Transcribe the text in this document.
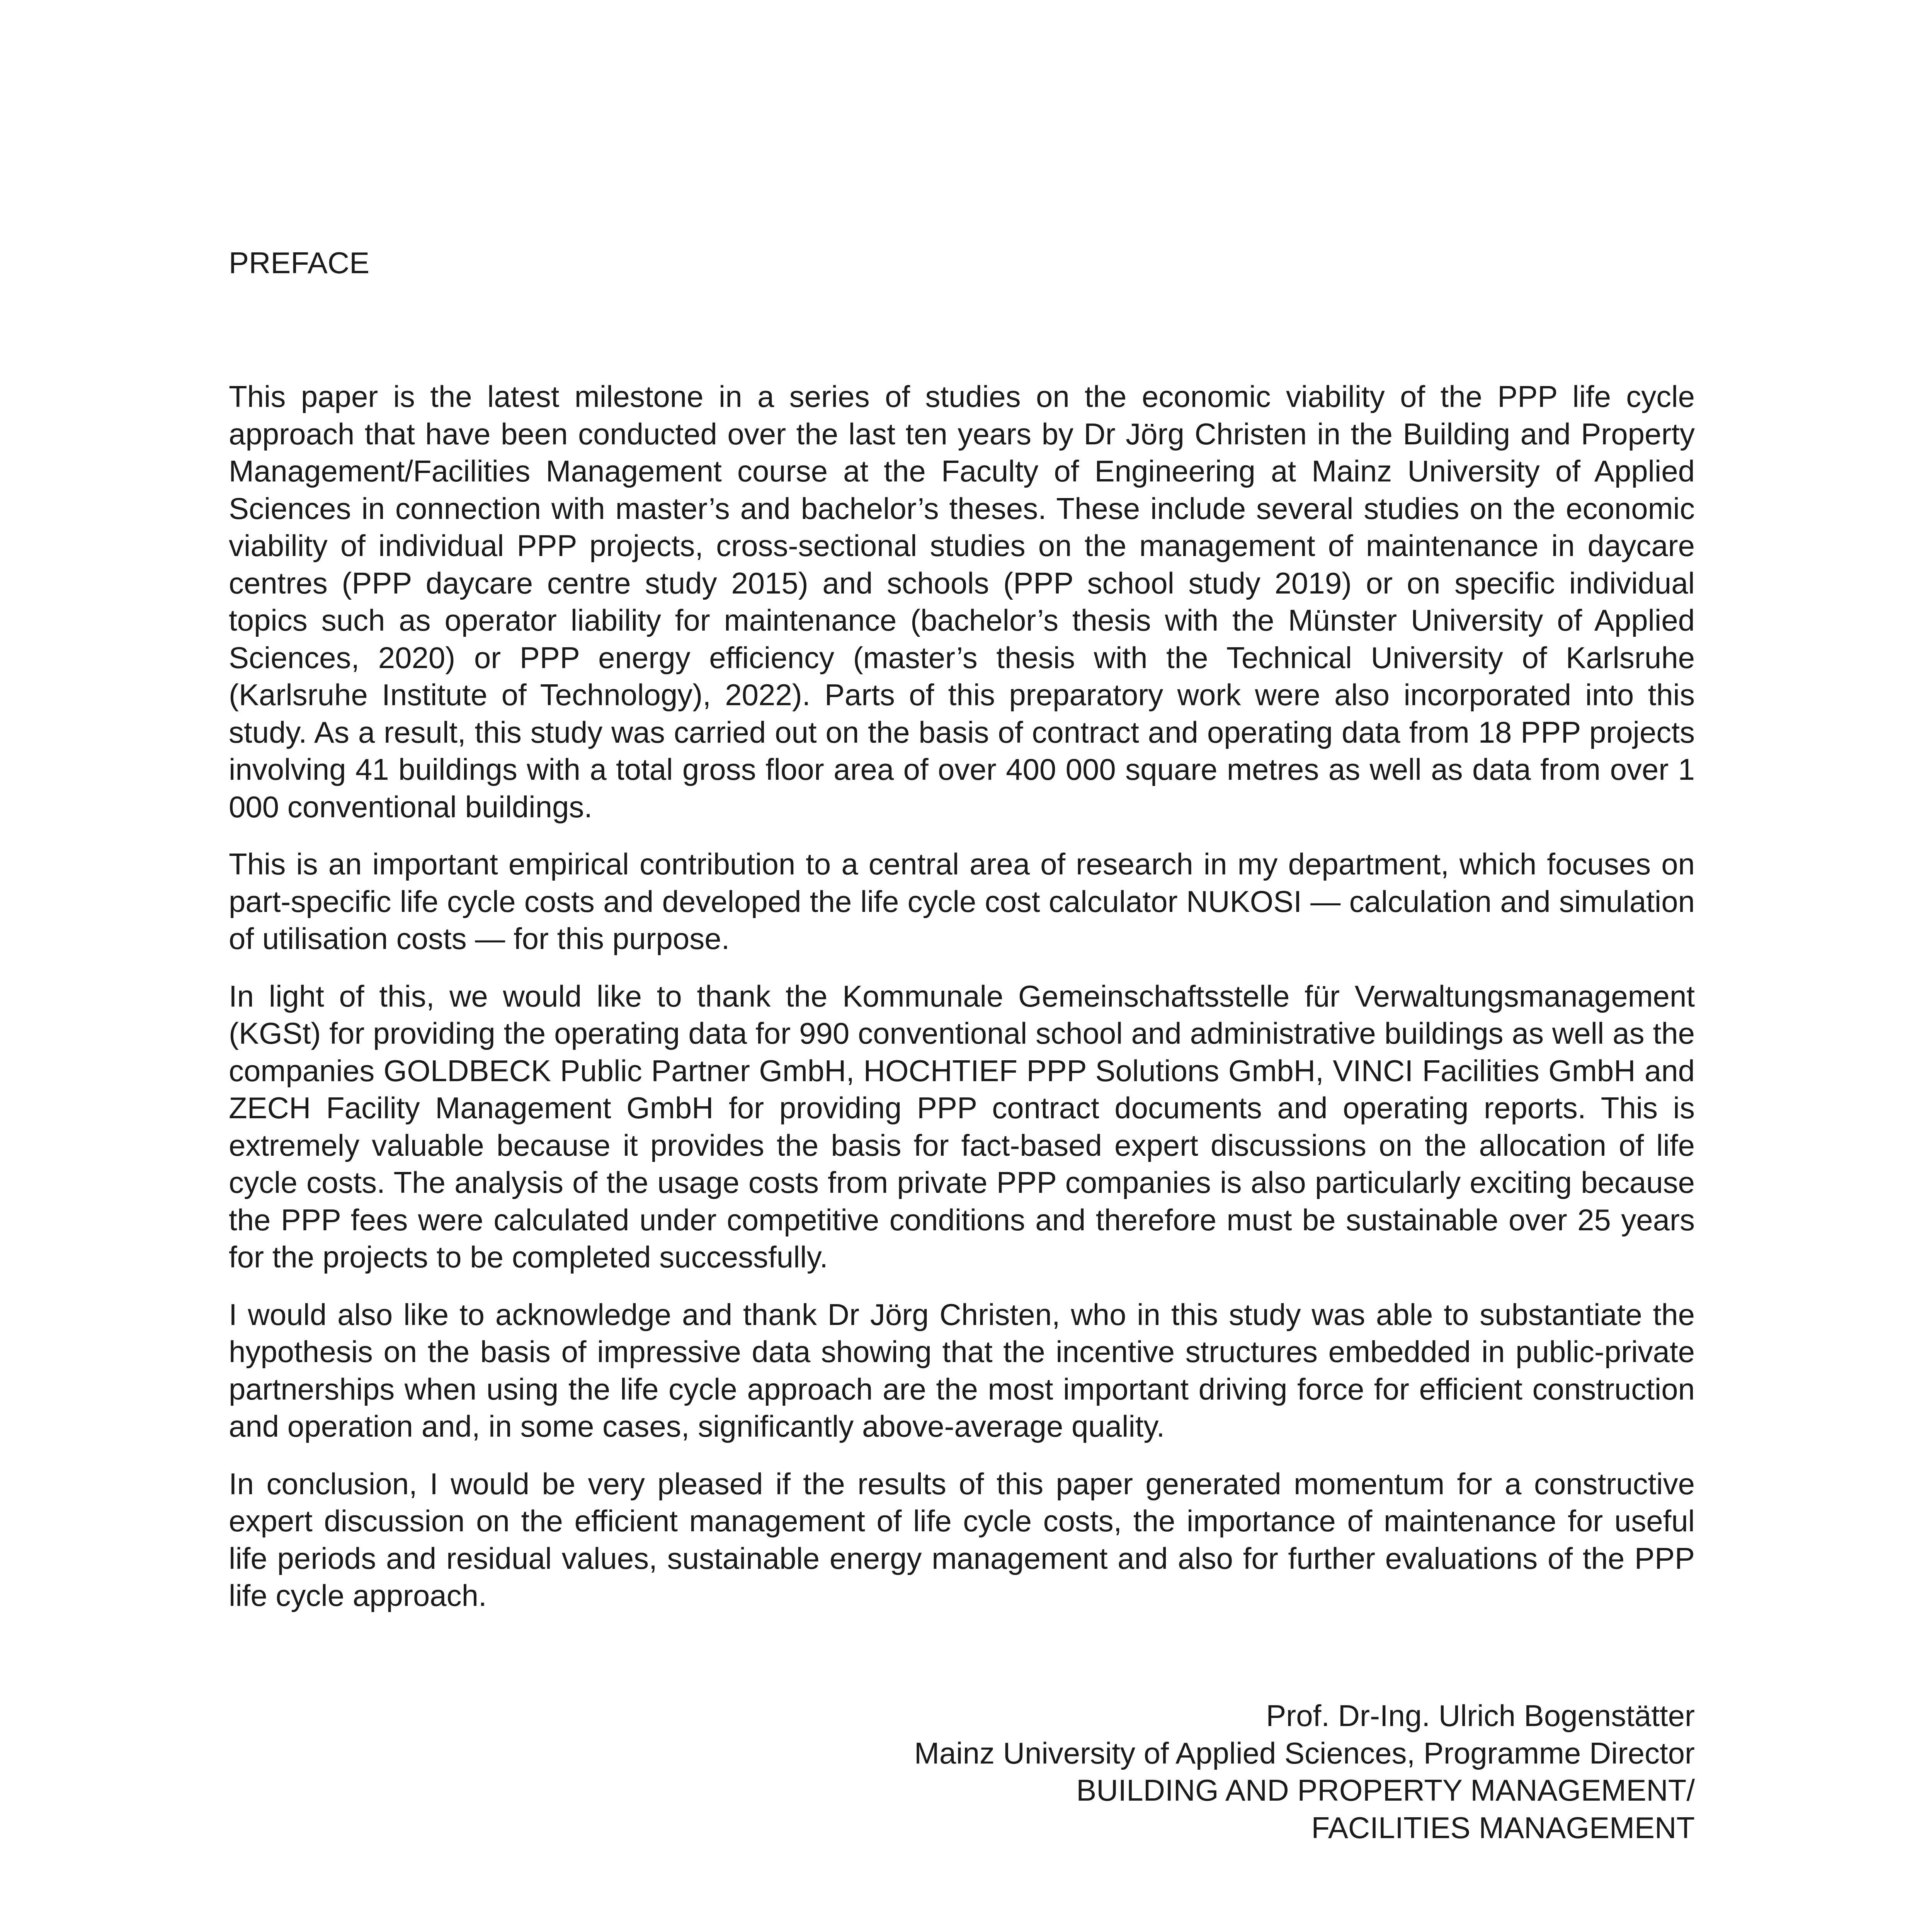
PREFACE

This paper is the latest milestone in a series of studies on the economic viability of the PPP life cycle approach that have been conducted over the last ten years by Dr Jörg Christen in the Building and Property Management/Facilities Management course at the Faculty of Engineering at Mainz University of Applied Sciences in connection with master’s and bachelor’s theses. These include several studies on the economic viability of individual PPP projects, cross-sectional studies on the management of maintenance in daycare centres (PPP daycare centre study 2015) and schools (PPP school study 2019) or on specific individual topics such as operator liability for maintenance (bachelor’s thesis with the Münster University of Applied Sciences, 2020) or PPP energy efficiency (master’s thesis with the Technical University of Karlsruhe (Karlsruhe Institute of Technology), 2022). Parts of this preparatory work were also incorporated into this study. As a result, this study was carried out on the basis of contract and operating data from 18 PPP projects involving 41 buildings with a total gross floor area of over 400 000 square metres as well as data from over 1 000 conventional buildings.

This is an important empirical contribution to a central area of research in my department, which focuses on part-specific life cycle costs and developed the life cycle cost calculator NUKOSI — calculation and simulation of utilisation costs — for this purpose.

In light of this, we would like to thank the Kommunale Gemeinschaftsstelle für Verwaltungsmanagement (KGSt) for providing the operating data for 990 conventional school and administrative buildings as well as the companies GOLDBECK Public Partner GmbH, HOCHTIEF PPP Solutions GmbH, VINCI Facilities GmbH and ZECH Facility Management GmbH for providing PPP contract documents and operating reports. This is extremely valuable because it provides the basis for fact-based expert discussions on the allocation of life cycle costs. The analysis of the usage costs from private PPP companies is also particularly exciting because the PPP fees were calculated under competitive conditions and therefore must be sustainable over 25 years for the projects to be completed successfully.

I would also like to acknowledge and thank Dr Jörg Christen, who in this study was able to substantiate the hypothesis on the basis of impressive data showing that the incentive structures embedded in public-private partnerships when using the life cycle approach are the most important driving force for efficient construction and operation and, in some cases, significantly above-average quality.

In conclusion, I would be very pleased if the results of this paper generated momentum for a constructive expert discussion on the efficient management of life cycle costs, the importance of maintenance for useful life periods and residual values, sustainable energy management and also for further evaluations of the PPP life cycle approach.

Prof. Dr-Ing. Ulrich Bogenstätter
Mainz University of Applied Sciences, Programme Director
BUILDING AND PROPERTY MANAGEMENT/
FACILITIES MANAGEMENT
